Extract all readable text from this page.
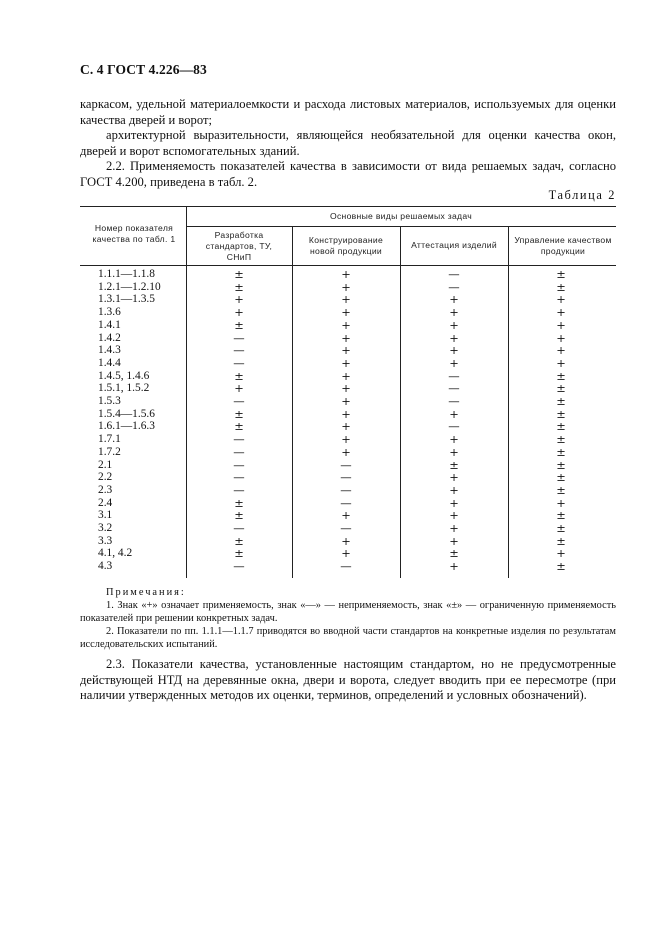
С. 4 ГОСТ 4.226—83

каркасом, удельной материалоемкости и расхода листовых материалов, используемых для оценки качества дверей и ворот;

архитектурной выразительности, являющейся необязательной для оценки качества окон, дверей и ворот вспомогательных зданий.

2.2. Применяемость показателей качества в зависимости от вида решаемых задач, согласно ГОСТ 4.200, приведена в табл. 2.

Таблица 2
Номер показателя качества по табл. 1
Основные виды решаемых задач
Разработка стандартов, ТУ, СНиП
Конструирование новой продукции
Аттестация изделий	Управление качеством продукции
1.1.1—1.1.8	±	+	—	±
1.2.1—1.2.10	±	+	—	±
1.3.1—1.3.5	+	+	+	+
1.3.6	+	+	+	+
1.4.1	±	+	+	+
1.4.2	—	+	+	+
1.4.3	—	+	+	+
1.4.4	—	+	+	+
1.4.5, 1.4.6	±	+	—	±
1.5.1, 1.5.2	+	+	—	±
1.5.3	—	+	—	±
1.5.4—1.5.6	±	+	+	±
1.6.1—1.6.3	±	+	—	±
1.7.1	—	+	+	±
1.7.2	—	+	+	±
2.1	—	—	±	±
2.2	—	—	+	±
2.3	—	—	+	±
2.4	±	—	+	+
3.1	±	+	+	±
3.2	—	—	+	±
3.3	±	+	+	±
4.1, 4.2	±	+	±	+
4.3	—	—	+	±

Примечания:

1. Знак «+» означает применяемость, знак «—» — неприменяемость, знак «±» — ограниченную применяемость показателей при решении конкретных задач.

2. Показатели по пп. 1.1.1—1.1.7 приводятся во вводной части стандартов на конкретные изделия по результатам исследовательских испытаний.

2.3. Показатели качества, установленные настоящим стандартом, но не предусмотренные действующей НТД на деревянные окна, двери и ворота, следует вводить при ее пересмотре (при наличии утвержденных методов их оценки, терминов, определений и условных обозначений).
